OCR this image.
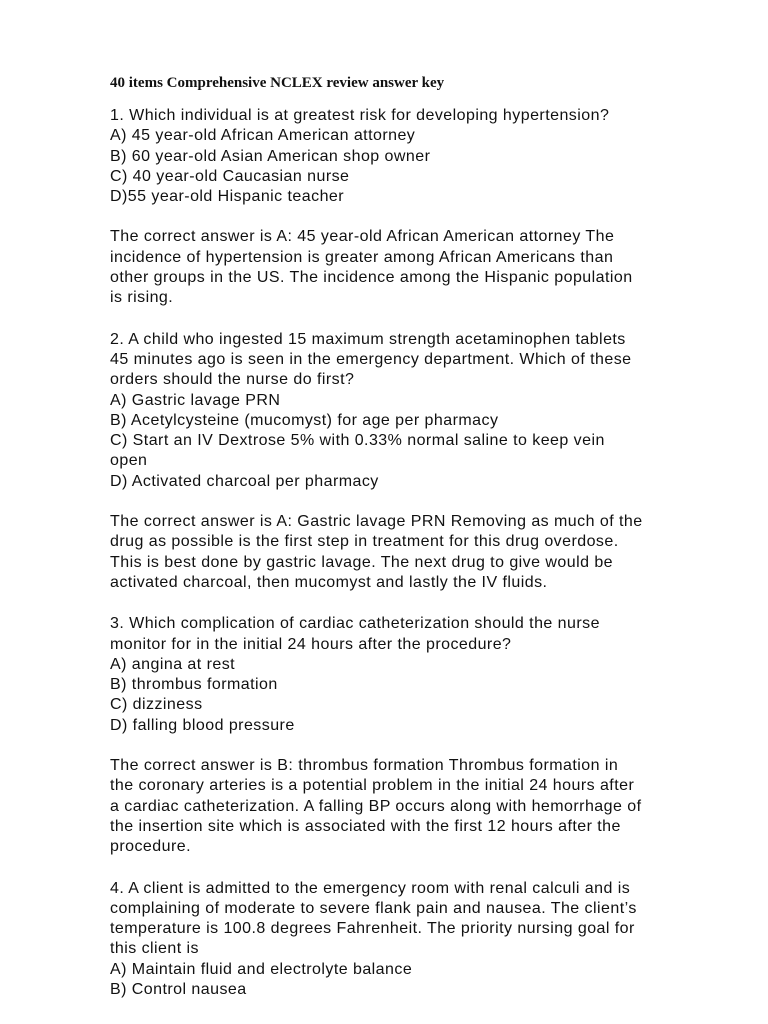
40 items Comprehensive NCLEX review answer key
1. Which individual is at greatest risk for developing hypertension?
A) 45 year-old African American attorney
B) 60 year-old Asian American shop owner
C) 40 year-old Caucasian nurse
D)55 year-old Hispanic teacher
The correct answer is A: 45 year-old African American attorney The
incidence of hypertension is greater among African Americans than
other groups in the US. The incidence among the Hispanic population
is rising.
2. A child who ingested 15 maximum strength acetaminophen tablets
45 minutes ago is seen in the emergency department. Which of these
orders should the nurse do first?
A) Gastric lavage PRN
B) Acetylcysteine (mucomyst) for age per pharmacy
C) Start an IV Dextrose 5% with 0.33% normal saline to keep vein
open
D) Activated charcoal per pharmacy
The correct answer is A: Gastric lavage PRN Removing as much of the
drug as possible is the first step in treatment for this drug overdose.
This is best done by gastric lavage. The next drug to give would be
activated charcoal, then mucomyst and lastly the IV fluids.
3. Which complication of cardiac catheterization should the nurse
monitor for in the initial 24 hours after the procedure?
A) angina at rest
B) thrombus formation
C) dizziness
D) falling blood pressure
The correct answer is B: thrombus formation Thrombus formation in
the coronary arteries is a potential problem in the initial 24 hours after
a cardiac catheterization. A falling BP occurs along with hemorrhage of
the insertion site which is associated with the first 12 hours after the
procedure.
4. A client is admitted to the emergency room with renal calculi and is
complaining of moderate to severe flank pain and nausea. The client’s
temperature is 100.8 degrees Fahrenheit. The priority nursing goal for
this client is
A) Maintain fluid and electrolyte balance
B) Control nausea
